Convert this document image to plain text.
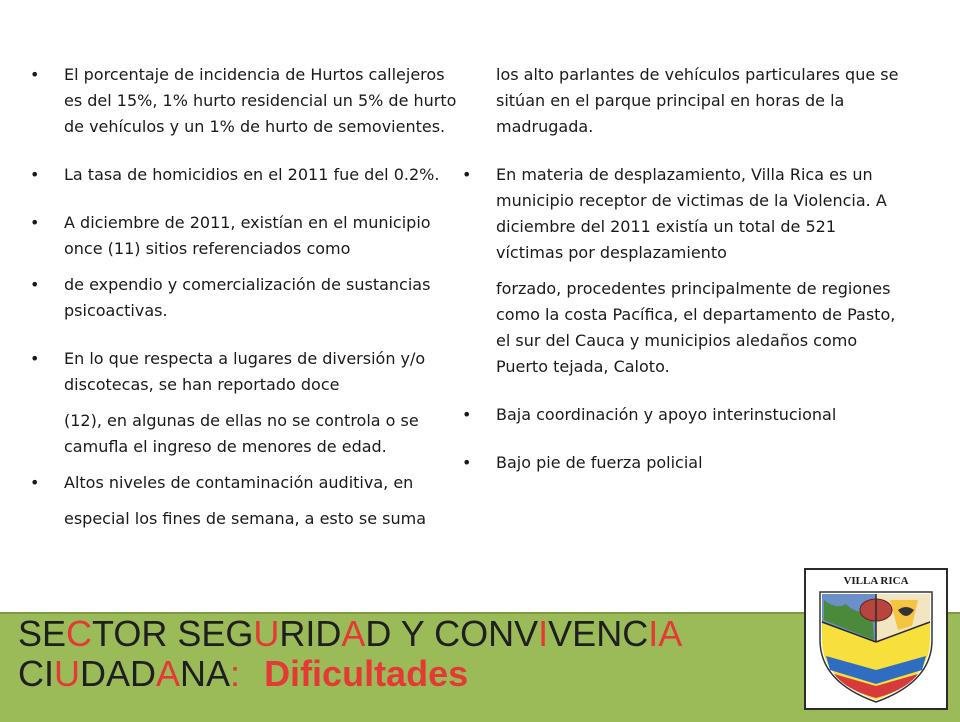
• El porcentaje de incidencia de Hurtos callejeros es del 15%, 1% hurto residencial un 5% de hurto de vehículos y un 1% de hurto de semovientes.
• La tasa de homicidios en el 2011 fue del 0.2%.
• A diciembre de 2011, existían en el municipio once (11) sitios referenciados como
• de expendio y comercialización de sustancias psicoactivas.
• En lo que respecta a lugares de diversión y/o discotecas, se han reportado doce
(12), en algunas de ellas no se controla o se camufla el ingreso de menores de edad.
• Altos niveles de contaminación auditiva, en
especial los fines de semana, a esto se suma
los alto parlantes de vehículos particulares que se sitúan en el parque principal en horas de la madrugada.
• En materia de desplazamiento, Villa Rica es un municipio receptor de victimas de la Violencia. A diciembre del 2011 existía un total de 521 víctimas por desplazamiento
forzado, procedentes principalmente de regiones como la costa Pacífica, el departamento de Pasto, el sur del Cauca y municipios aledaños como Puerto tejada, Caloto.
• Baja coordinación y apoyo interinstucional
• Bajo pie de fuerza policial
SECTOR SEGURIDAD Y CONVIVENCIA
CIUDADANA: Dificultades
VILLA RICA
